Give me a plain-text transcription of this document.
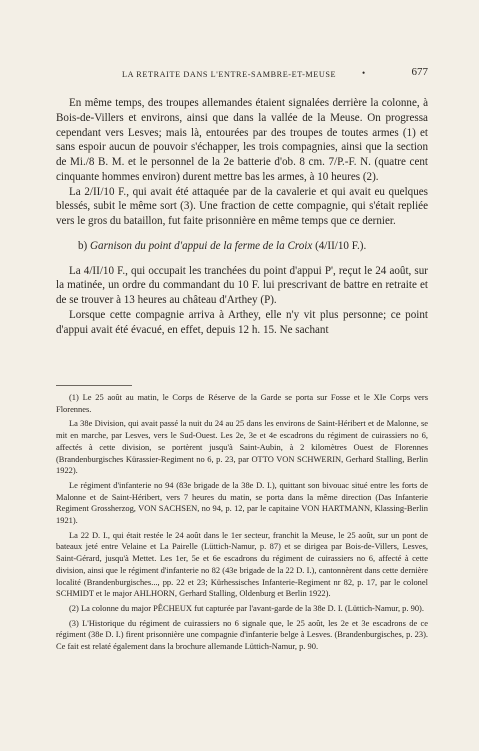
LA RETRAITE DANS L'ENTRE-SAMBRE-ET-MEUSE	•	677

En même temps, des troupes allemandes étaient signalées derrière la colonne, à Bois-de-Villers et environs, ainsi que dans la vallée de la Meuse. On progressa cependant vers Lesves; mais là, entourées par des troupes de toutes armes (1) et sans espoir aucun de pouvoir s'échapper, les trois compagnies, ainsi que la section de Mi./8 B. M. et le personnel de la 2e batterie d'ob. 8 cm. 7/P.-F. N. (quatre cent cinquante hommes environ) durent mettre bas les armes, à 10 heures (2).

La 2/II/10 F., qui avait été attaquée par de la cavalerie et qui avait eu quelques blessés, subit le même sort (3). Une fraction de cette compagnie, qui s'était repliée vers le gros du bataillon, fut faite prisonnière en même temps que ce dernier.

b) Garnison du point d'appui de la ferme de la Croix (4/II/10 F.).

La 4/II/10 F., qui occupait les tranchées du point d'appui P', reçut le 24 août, sur la matinée, un ordre du commandant du 10 F. lui prescrivant de battre en retraite et de se trouver à 13 heures au château d'Arthey (P).

Lorsque cette compagnie arriva à Arthey, elle n'y vit plus personne; ce point d'appui avait été évacué, en effet, depuis 12 h. 15. Ne sachant

(1) Le 25 août au matin, le Corps de Réserve de la Garde se porta sur Fosse et le XIe Corps vers Florennes.

La 38e Division, qui avait passé la nuit du 24 au 25 dans les environs de Saint-Héribert et de Malonne, se mit en marche, par Lesves, vers le Sud-Ouest. Les 2e, 3e et 4e escadrons du régiment de cuirassiers no 6, affectés à cette division, se portèrent jusqu'à Saint-Aubin, à 2 kilomètres Ouest de Florennes (Brandenburgisches Kürassier-Regiment no 6, p. 23, par OTTO VON SCHWERIN, Gerhard Stalling, Berlin 1922).

Le régiment d'infanterie no 94 (83e brigade de la 38e D. I.), quittant son bivouac situé entre les forts de Malonne et de Saint-Héribert, vers 7 heures du matin, se porta dans la même direction (Das Infanterie Regiment Grossherzog, VON SACHSEN, no 94, p. 12, par le capitaine VON HARTMANN, Klassing-Berlin 1921).

La 22 D. I., qui était restée le 24 août dans le 1er secteur, franchit la Meuse, le 25 août, sur un pont de bateaux jeté entre Velaine et La Pairelle (Lüttich-Namur, p. 87) et se dirigea par Bois-de-Villers, Lesves, Saint-Gérard, jusqu'à Mettet. Les 1er, 5e et 6e escadrons du régiment de cuirassiers no 6, affecté à cette division, ainsi que le régiment d'infanterie no 82 (43e brigade de la 22 D. I.), cantonnèrent dans cette dernière localité (Brandenburgisches..., pp. 22 et 23; Kürhessisches Infanterie-Regiment nr 82, p. 17, par le colonel SCHMIDT et le major AHLHORN, Gerhard Stalling, Oldenburg et Berlin 1922).

(2) La colonne du major PÊCHEUX fut capturée par l'avant-garde de la 38e D. I. (Lüttich-Namur, p. 90).

(3) L'Historique du régiment de cuirassiers no 6 signale que, le 25 août, les 2e et 3e escadrons de ce régiment (38e D. I.) firent prisonnière une compagnie d'infanterie belge à Lesves. (Brandenburgisches, p. 23). Ce fait est relaté également dans la brochure allemande Lüttich-Namur, p. 90.
